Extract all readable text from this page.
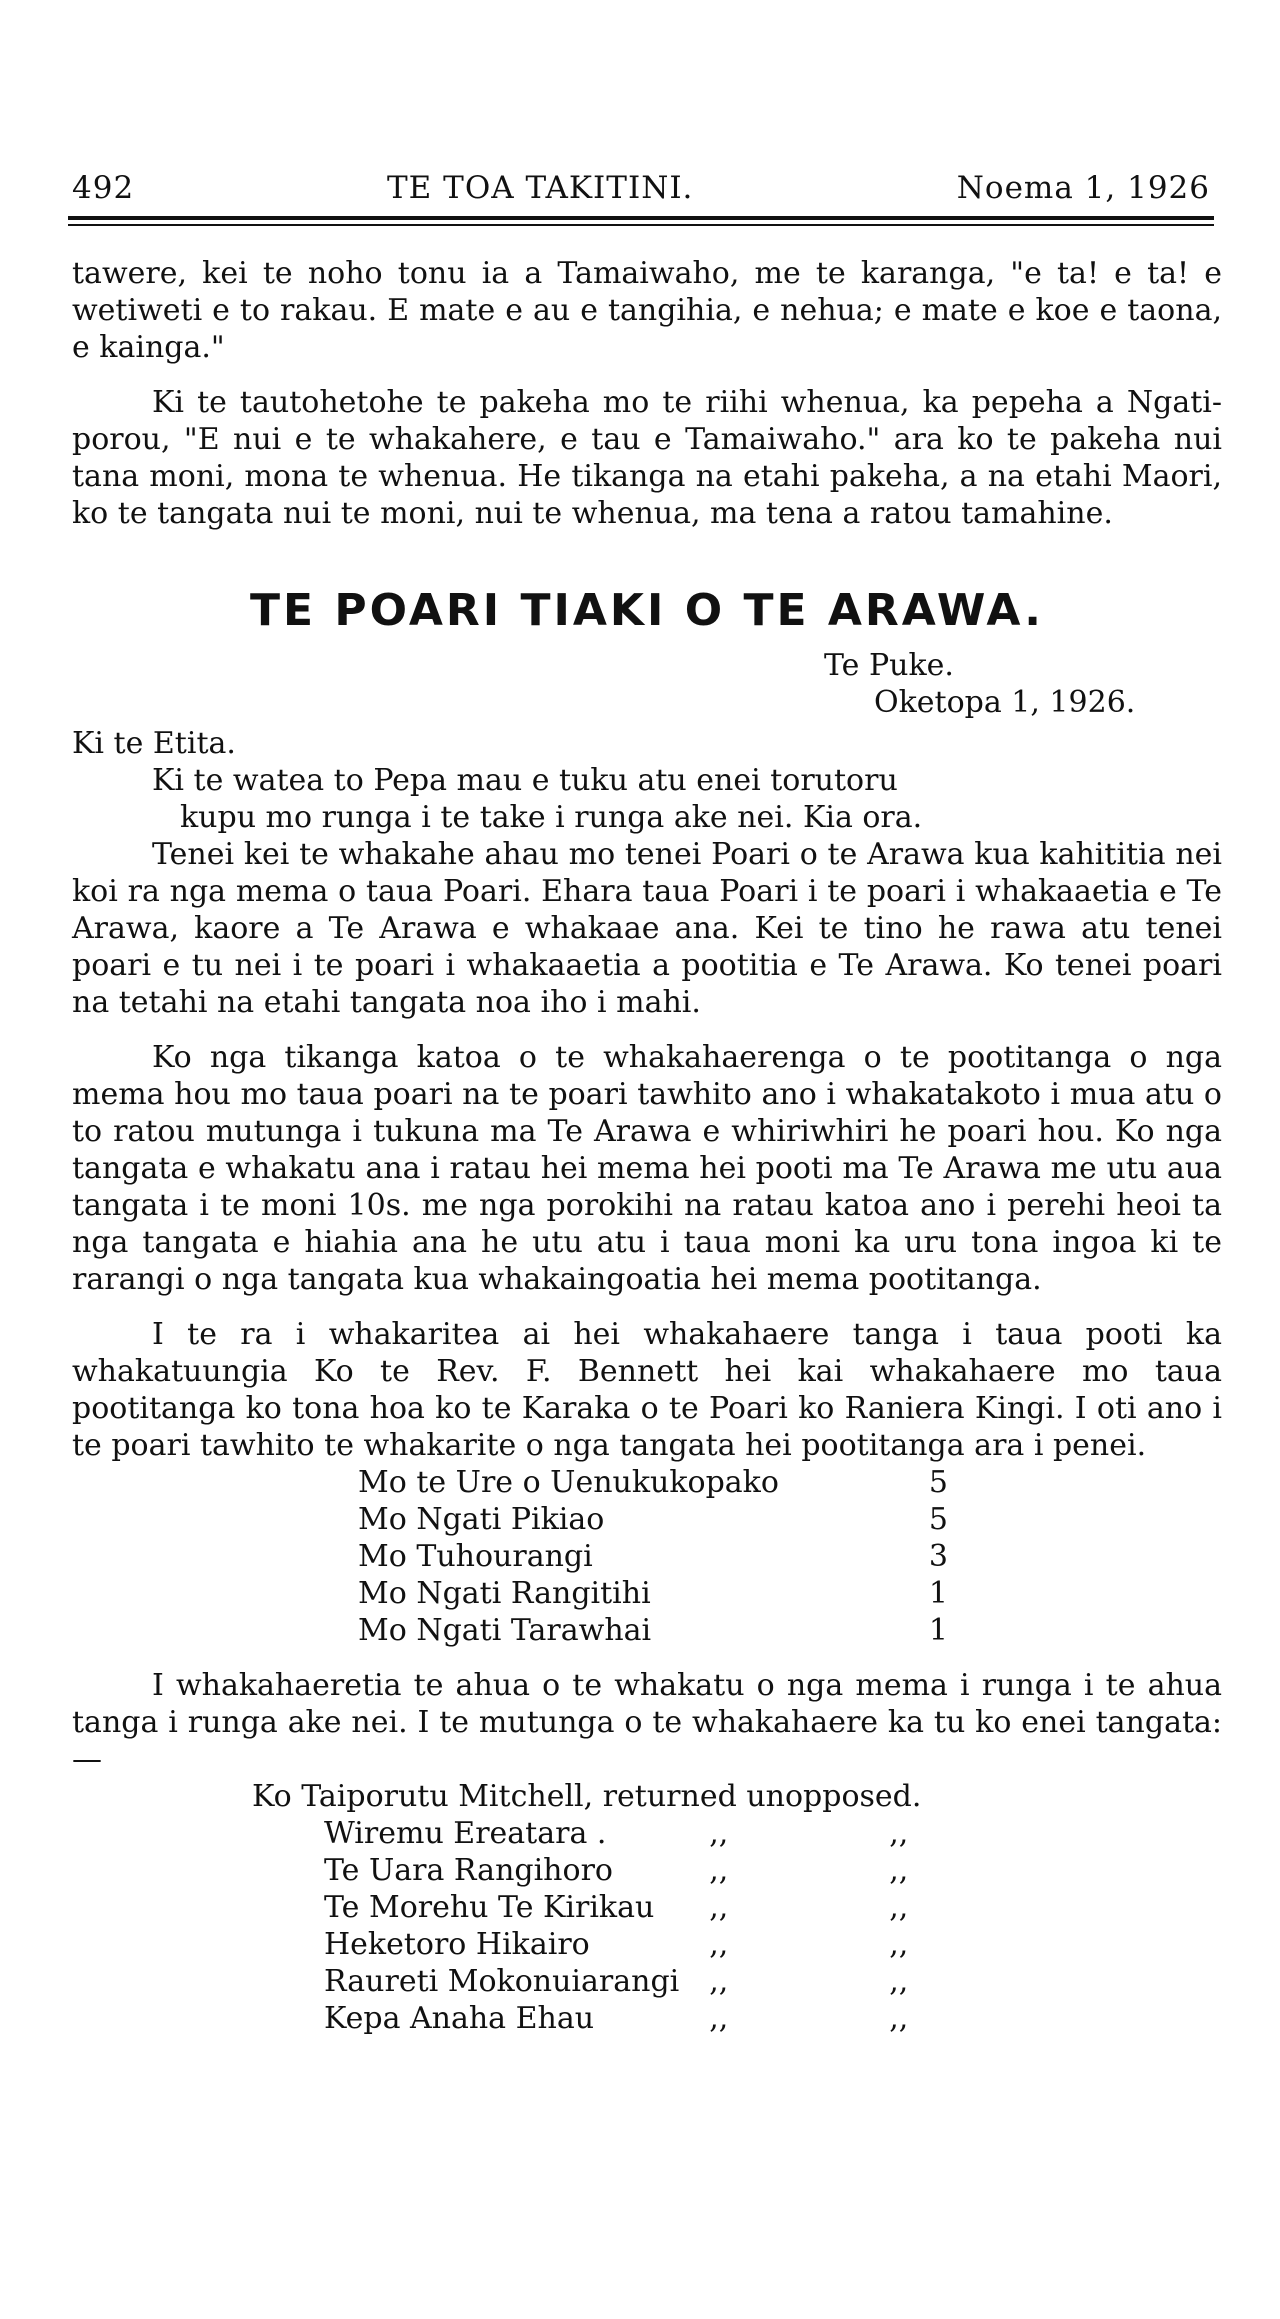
492	TE TOA TAKITINI.	Noema 1, 1926

tawere, kei te noho tonu ia a Tamaiwaho, me te karanga, "e ta! e ta! e wetiweti e to rakau. E mate e au e tangihia, e nehua; e mate e koe e taona, e kainga."

Ki te tautohetohe te pakeha mo te riihi whenua, ka pepeha a Ngati-porou, "E nui e te whakahere, e tau e Tamaiwaho." ara ko te pakeha nui tana moni, mona te whenua. He tikanga na etahi pakeha, a na etahi Maori, ko te tangata nui te moni, nui te whenua, ma tena a ratou tamahine.

TE POARI TIAKI O TE ARAWA.
Te Puke.
Oketopa 1, 1926.
Ki te Etita.
Ki te watea to Pepa mau e tuku atu enei torutoru
kupu mo runga i te take i runga ake nei. Kia ora.

Tenei kei te whakahe ahau mo tenei Poari o te Arawa kua kahititia nei koi ra nga mema o taua Poari. Ehara taua Poari i te poari i whakaaetia e Te Arawa, kaore a Te Arawa e whakaae ana. Kei te tino he rawa atu tenei poari e tu nei i te poari i whakaaetia a pootitia e Te Arawa. Ko tenei poari na tetahi na etahi tangata noa iho i mahi.

Ko nga tikanga katoa o te whakahaerenga o te pootitanga o nga mema hou mo taua poari na te poari tawhito ano i whakatakoto i mua atu o to ratou mutunga i tukuna ma Te Arawa e whiriwhiri he poari hou. Ko nga tangata e whakatu ana i ratau hei mema hei pooti ma Te Arawa me utu aua tangata i te moni 10s. me nga porokihi na ratau katoa ano i perehi heoi ta nga tangata e hiahia ana he utu atu i taua moni ka uru tona ingoa ki te rarangi o nga tangata kua whakaingoatia hei mema pootitanga.

I te ra i whakaritea ai hei whakahaere tanga i taua pooti ka whakatuungia Ko te Rev. F. Bennett hei kai whakahaere mo taua pootitanga ko tona hoa ko te Karaka o te Poari ko Raniera Kingi. I oti ano i te poari tawhito te whakarite o nga tangata hei pootitanga ara i penei.

Mo te Ure o Uenukukopako	5
Mo Ngati Pikiao	5
Mo Tuhourangi	3
Mo Ngati Rangitihi	1
Mo Ngati Tarawhai	1

I whakahaeretia te ahua o te whakatu o nga mema i runga i te ahua tanga i runga ake nei. I te mutunga o te whakahaere ka tu ko enei tangata:—

Ko Taiporutu Mitchell, returned unopposed.		
Wiremu Ereatara .	,,	,,
Te Uara Rangihoro	,,	,,
Te Morehu Te Kirikau	,,	,,
Heketoro Hikairo	,,	,,
Raureti Mokonuiarangi	,,	,,
Kepa Anaha Ehau	,,	,,
